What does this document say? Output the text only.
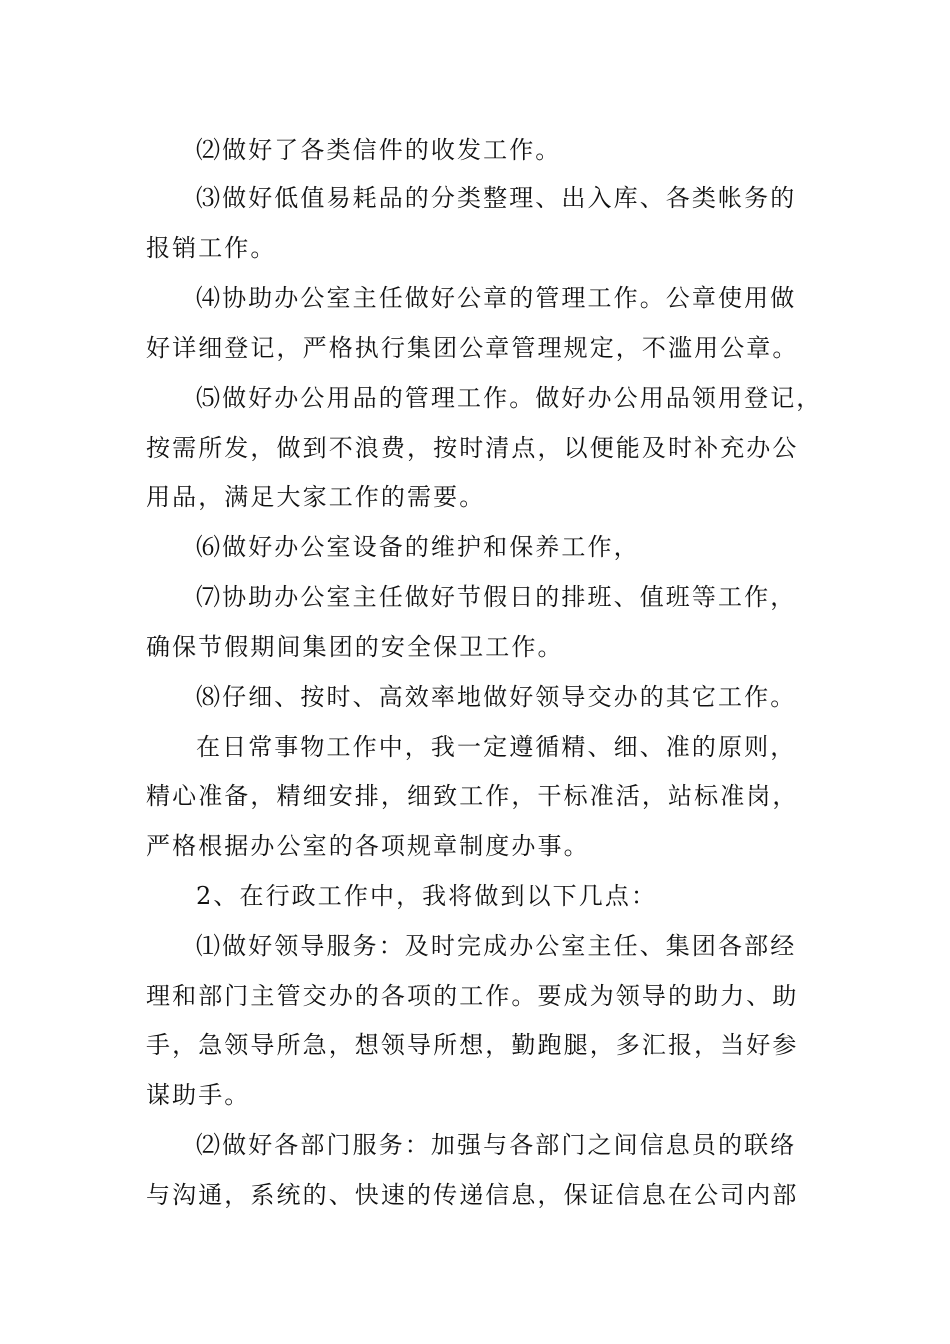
⑵做好了各类信件的收发工作。
⑶做好低值易耗品的分类整理、出入库、各类帐务的
报销工作。
⑷协助办公室主任做好公章的管理工作。公章使用做
好详细登记，严格执行集团公章管理规定，不滥用公章。
⑸做好办公用品的管理工作。做好办公用品领用登记，
按需所发，做到不浪费，按时清点，以便能及时补充办公
用品，满足大家工作的需要。
⑹做好办公室设备的维护和保养工作，
⑺协助办公室主任做好节假日的排班、值班等工作，
确保节假期间集团的安全保卫工作。
⑻仔细、按时、高效率地做好领导交办的其它工作。
在日常事物工作中，我一定遵循精、细、准的原则，
精心准备，精细安排，细致工作，干标准活，站标准岗，
严格根据办公室的各项规章制度办事。
2、在行政工作中，我将做到以下几点：
⑴做好领导服务：及时完成办公室主任、集团各部经
理和部门主管交办的各项的工作。要成为领导的助力、助
手，急领导所急，想领导所想，勤跑腿，多汇报，当好参
谋助手。
⑵做好各部门服务：加强与各部门之间信息员的联络
与沟通，系统的、快速的传递信息，保证信息在公司内部
